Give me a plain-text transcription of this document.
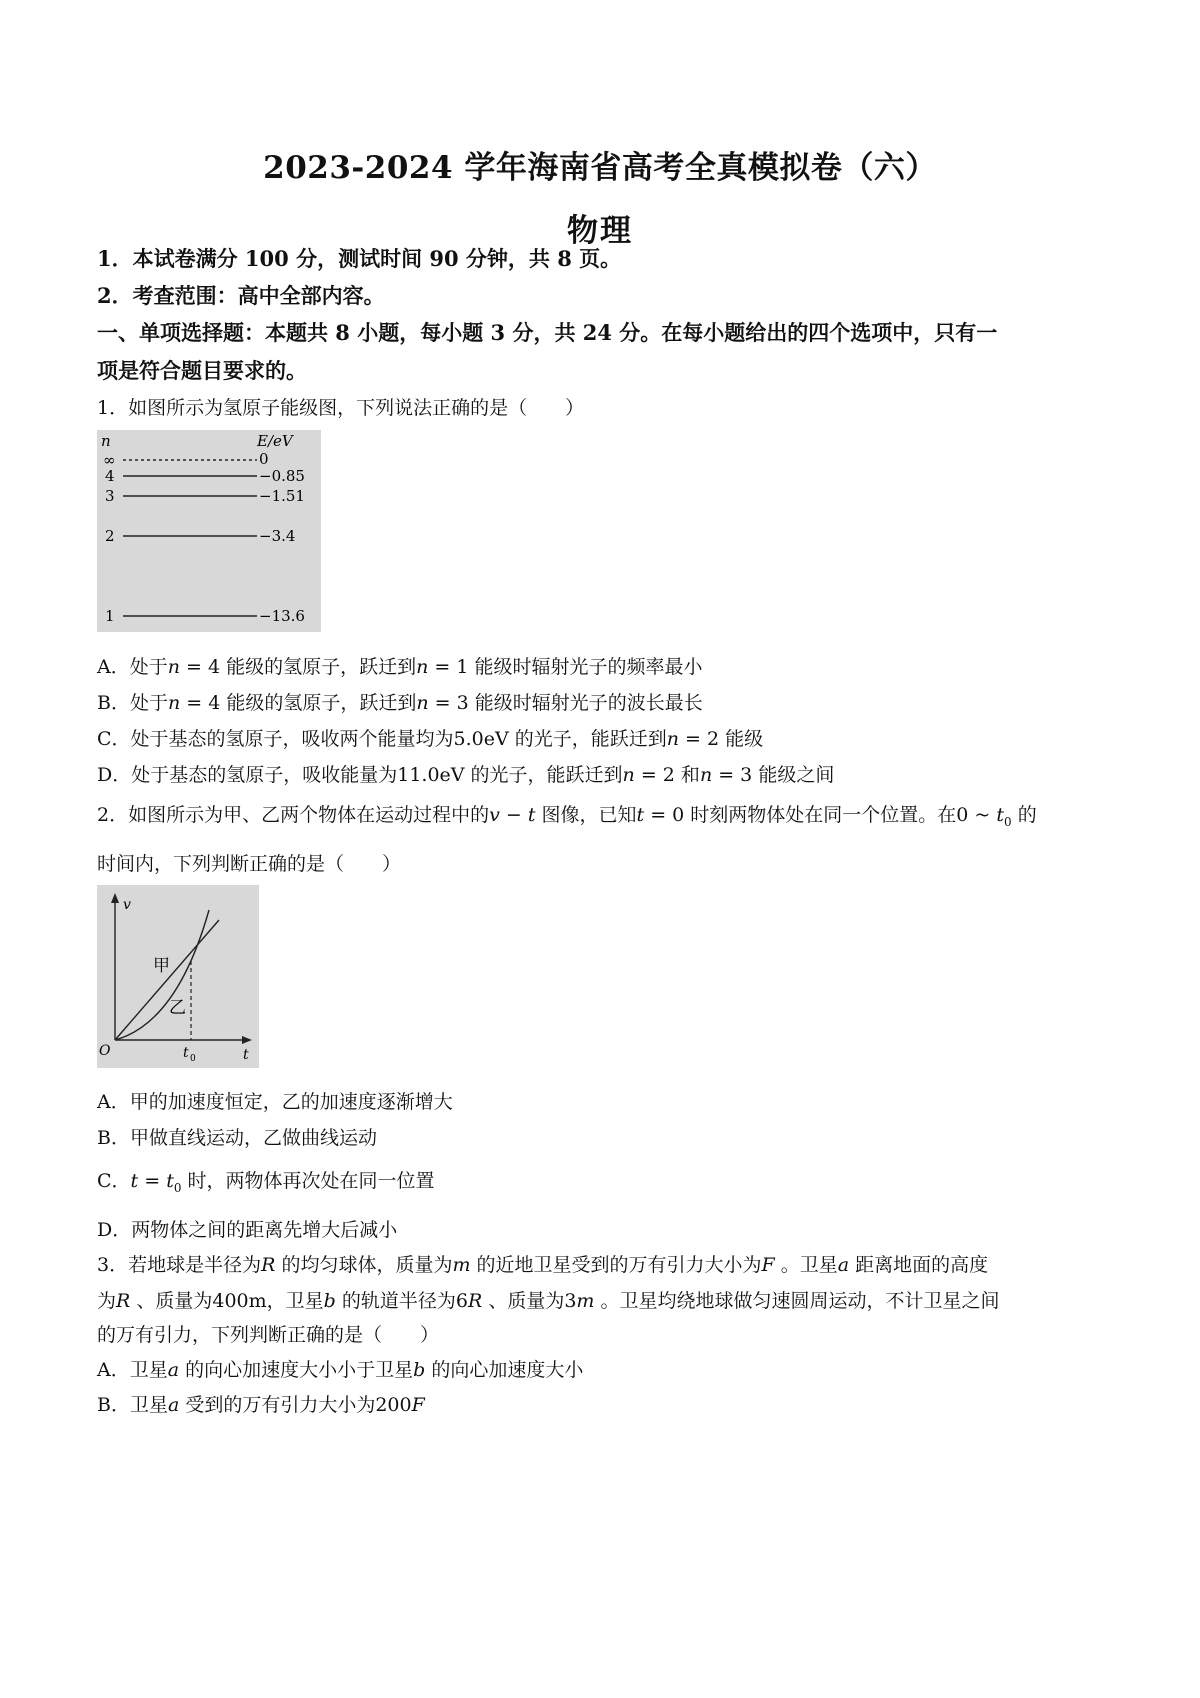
2023-2024 学年海南省高考全真模拟卷（六）
物理
1．本试卷满分 100 分，测试时间 90 分钟，共 8 页。
2．考查范围：高中全部内容。
一、单项选择题：本题共 8 小题，每小题 3 分，共 24 分。在每小题给出的四个选项中，只有一
项是符合题目要求的。
1．如图所示为氢原子能级图，下列说法正确的是（　　）
n	E/eV
∞	0
4	−0.85
3	−1.51
2	−3.4
1	−13.6
A．处于n = 4 能级的氢原子，跃迁到n = 1 能级时辐射光子的频率最小
B．处于n = 4 能级的氢原子，跃迁到n = 3 能级时辐射光子的波长最长
C．处于基态的氢原子，吸收两个能量均为5.0eV 的光子，能跃迁到n = 2 能级
D．处于基态的氢原子，吸收能量为11.0eV 的光子，能跃迁到n = 2 和n = 3 能级之间
2．如图所示为甲、乙两个物体在运动过程中的v − t 图像，已知t = 0 时刻两物体处在同一个位置。在0 ~ $t_0$ 的
时间内，下列判断正确的是（　　）
v
t
O
甲
乙
t 0
A．甲的加速度恒定，乙的加速度逐渐增大
B．甲做直线运动，乙做曲线运动
C．$t = t_0$ 时，两物体再次处在同一位置
D．两物体之间的距离先增大后减小
3．若地球是半径为R 的均匀球体，质量为m 的近地卫星受到的万有引力大小为F 。卫星a 距离地面的高度
为R 、质量为400m，卫星b 的轨道半径为6R 、质量为3m 。卫星均绕地球做匀速圆周运动，不计卫星之间
的万有引力，下列判断正确的是（　　）
A．卫星a 的向心加速度大小小于卫星b 的向心加速度大小
B．卫星a 受到的万有引力大小为200F
